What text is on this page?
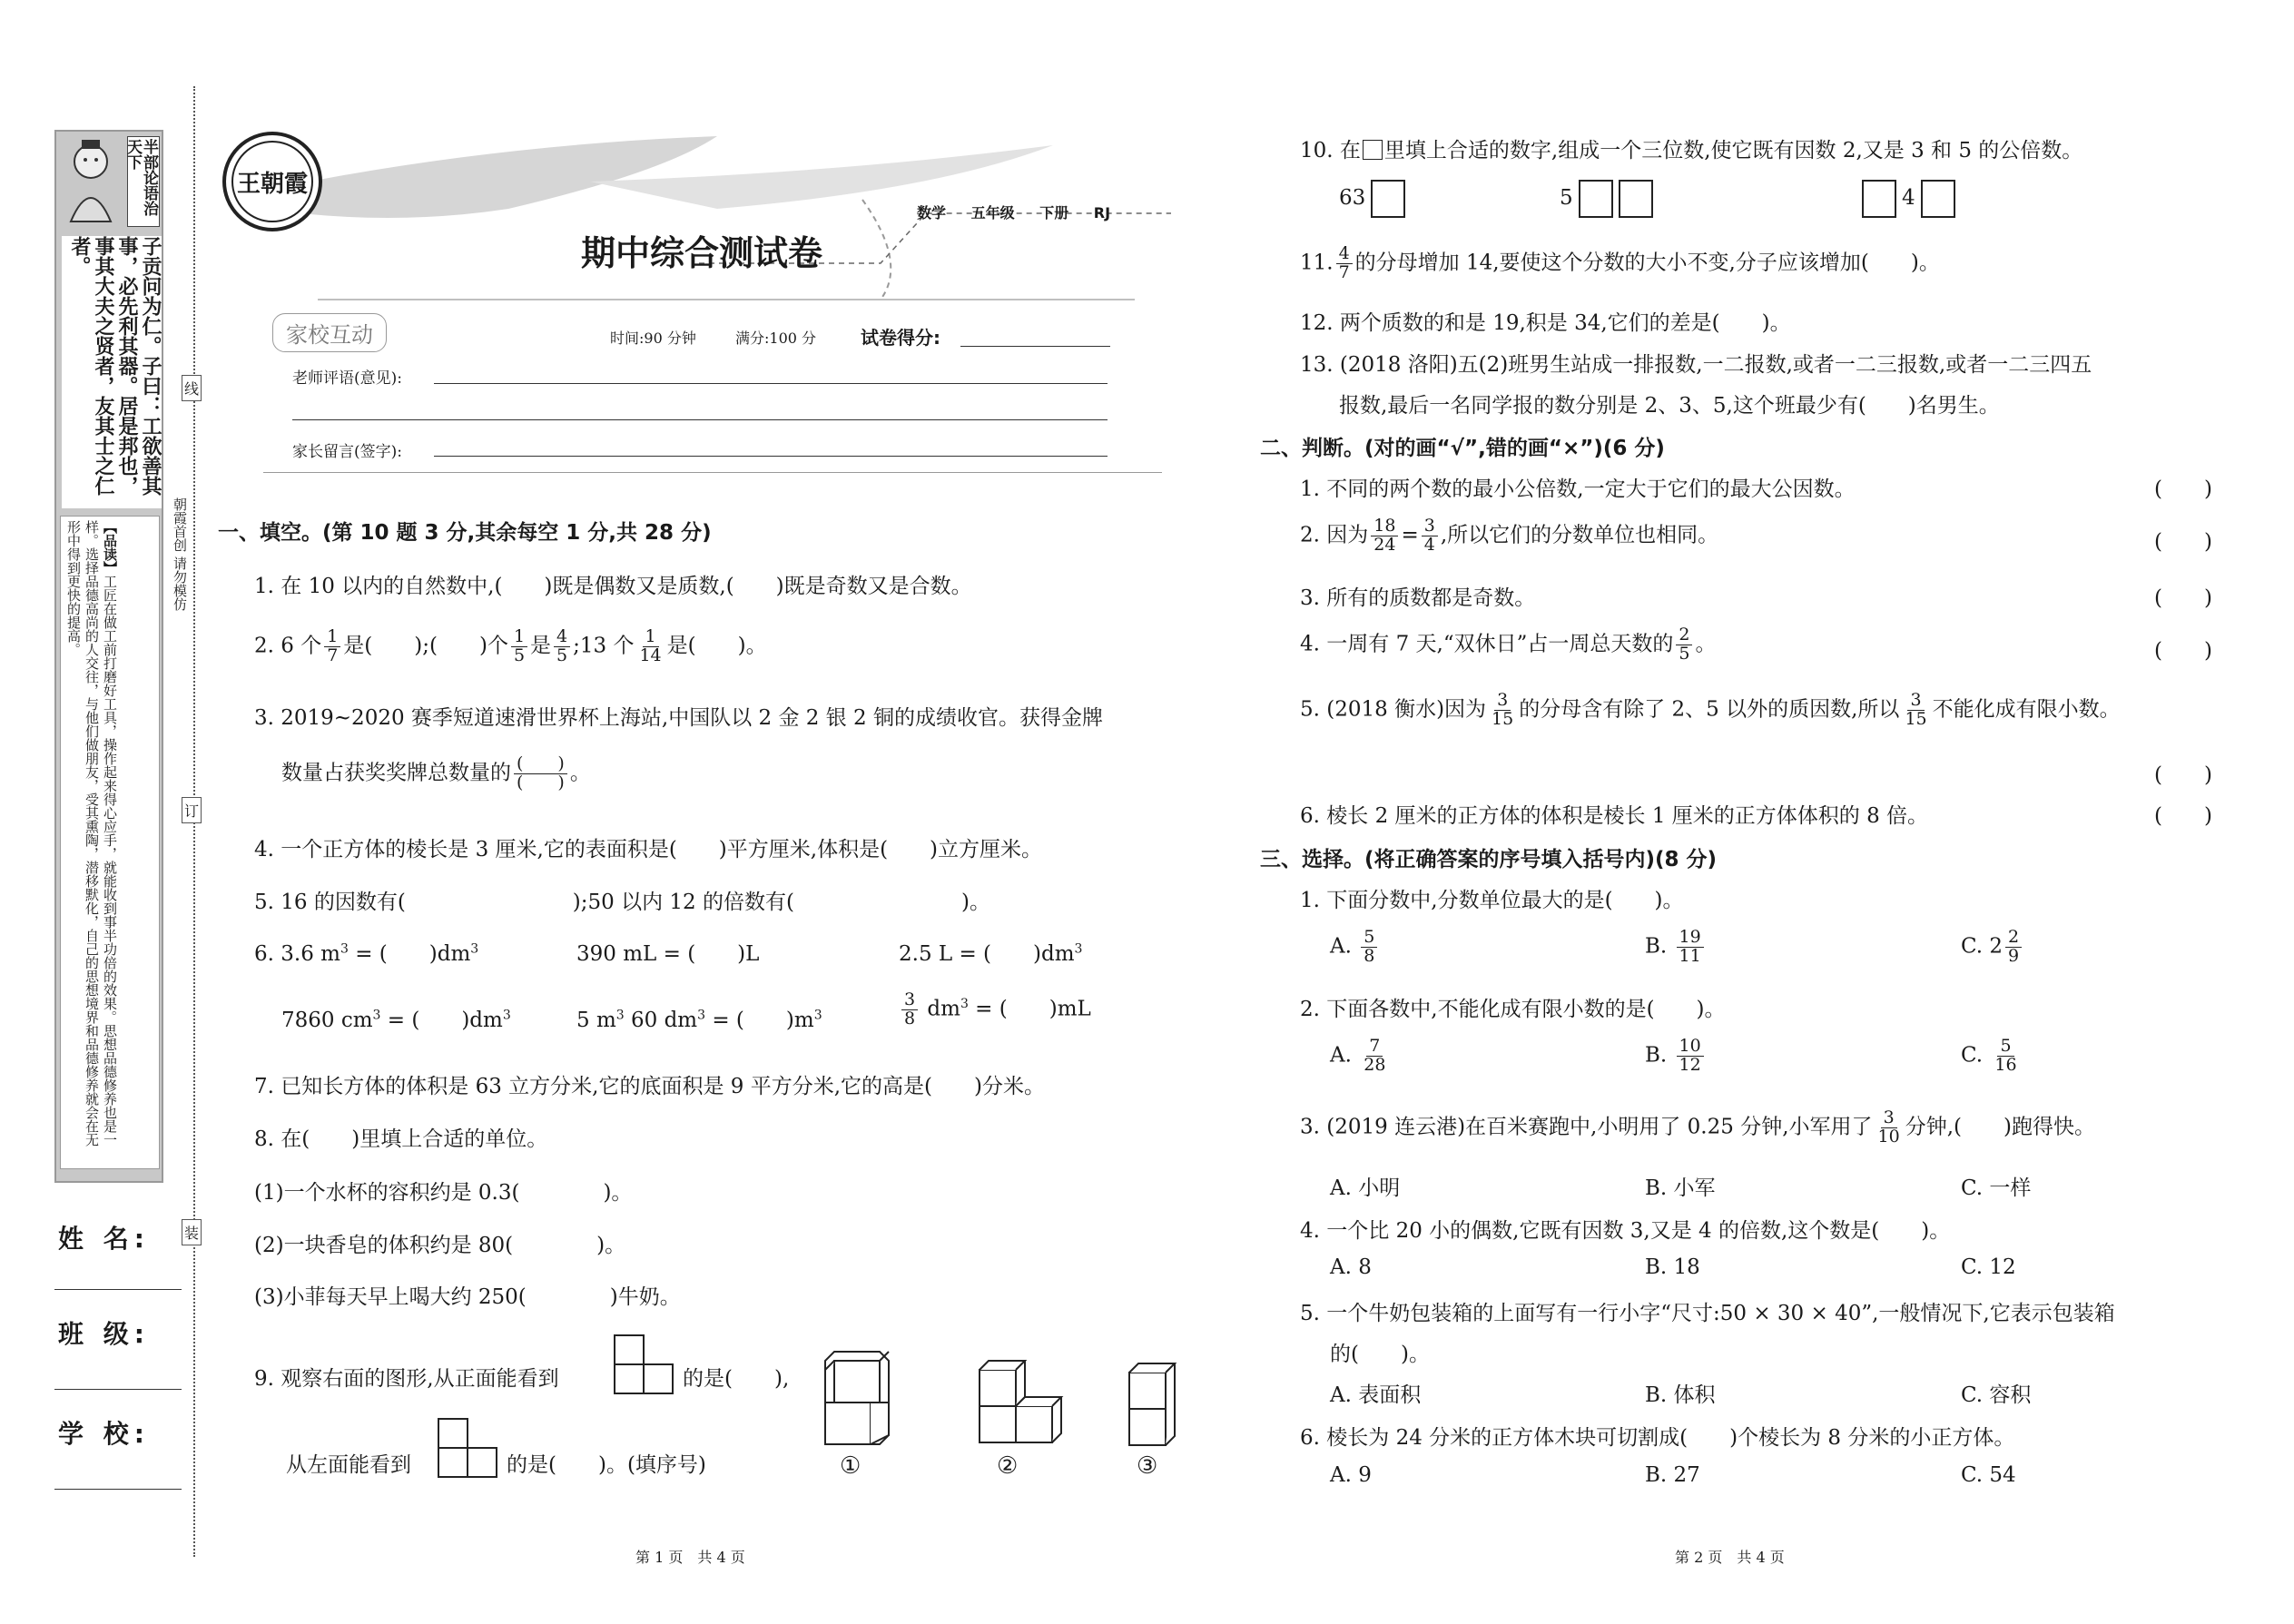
半部论语治天下
子贡问为仁。子曰：工欲善其事，必先利其器。居是邦也，事其大夫之贤者，友其士之仁者。
【品读】工匠在做工前打磨好工具，操作起来得心应手，就能收到事半功倍的效果。思想品德修养也是一样。选择品德高尚的人交往，与他们做朋友，受其熏陶，潜移默化，自己的思想境界和品德修养就会在无形中得到更快的提高。
线
订
装
朝霞首创 请勿模仿
姓 名:
班 级:
学 校:
王朝霞
数学 五年级 下册 RJ
期中综合测试卷
家校互动	时间:90 分钟	满分:100 分 试卷得分:
老师评语(意见):
家长留言(签字):
一、填空。(第 10 题 3 分,其余每空 1 分,共 28 分)
1. 在 10 以内的自然数中,(　　)既是偶数又是质数,(　　)既是奇数又是合数。
2. 6 个 $\frac{1}{7}$ 是(　　);(　　)个 $\frac{1}{5}$ 是 $\frac{4}{5}$ ;13 个 $\frac{1}{14}$ 是(　　)。
3. 2019~2020 赛季短道速滑世界杯上海站,中国队以 2 金 2 银 2 铜的成绩收官。获得金牌
数量占获奖奖牌总数量的 $\frac{( )}{( )}$ 。
4. 一个正方体的棱长是 3 厘米,它的表面积是(　　)平方厘米,体积是(　　)立方厘米。
5. 16 的因数有(　　　　　　　　);50 以内 12 的倍数有(　　　　　　　　)。
6. 3.6 $m^3$ = (　　)$dm^3$	390 mL = (　　)L	2.5 L = (　　)$dm^3$
7860 $cm^3$ = (　　)$dm^3$	5 $m^3$ 60 $dm^3$ = (　　)$m^3$	$\frac{3}{8} dm^3$ = (　　)mL
7. 已知长方体的体积是 63 立方分米,它的底面积是 9 平方分米,它的高是(　　)分米。
8. 在(　　)里填上合适的单位。
(1)一个水杯的容积约是 0.3(　　　　)。
(2)一块香皂的体积约是 80(　　　　)。
(3)小菲每天早上喝大约 250(　　　　)牛奶。
9. 观察右面的图形,从正面能看到	的是(　　),
从左面能看到	的是(　　)。(填序号)	①	②	③
第 1 页　共 4 页
10. 在 里填上合适的数字,组成一个三位数,使它既有因数 2,又是 3 和 5 的公倍数。
63	5	4
11. $\frac{4}{7}$ 的分母增加 14,要使这个分数的大小不变,分子应该增加(　　)。
12. 两个质数的和是 19,积是 34,它们的差是(　　)。
13. (2018 洛阳)五(2)班男生站成一排报数,一二报数,或者一二三报数,或者一二三四五
报数,最后一名同学报的数分别是 2、3、5,这个班最少有(　　)名男生。
二、判断。(对的画“√”,错的画“×”)(6 分)
1. 不同的两个数的最小公倍数,一定大于它们的最大公因数。	(　　)
2. 因为 $\frac{18}{24} = \frac{3}{4}$ ,所以它们的分数单位也相同。	(　　)
3. 所有的质数都是奇数。	(　　)
4. 一周有 7 天,“双休日”占一周总天数的 $\frac{2}{5}$ 。	(　　)
5. (2018 衡水)因为 $\frac{3}{15}$ 的分母含有除了 2、5 以外的质因数,所以 $\frac{3}{15}$ 不能化成有限小数。
(　　)
6. 棱长 2 厘米的正方体的体积是棱长 1 厘米的正方体体积的 8 倍。	(　　)
三、选择。(将正确答案的序号填入括号内)(8 分)
1. 下面分数中,分数单位最大的是(　　)。
A. $\frac{5}{8}$	B. $\frac{19}{11}$	C. $2 \frac{2}{9}$
2. 下面各数中,不能化成有限小数的是(　　)。
A. $\frac{7}{28}$	B. $\frac{10}{12}$	C. $\frac{5}{16}$
3. (2019 连云港)在百米赛跑中,小明用了 0.25 分钟,小军用了 $\frac{3}{10}$ 分钟,(　　)跑得快。
A. 小明	B. 小军	C. 一样
4. 一个比 20 小的偶数,它既有因数 3,又是 4 的倍数,这个数是(　　)。
A. 8	B. 18	C. 12
5. 一个牛奶包装箱的上面写有一行小字“尺寸:50 × 30 × 40”,一般情况下,它表示包装箱
的(　　)。
A. 表面积	B. 体积	C. 容积
6. 棱长为 24 分米的正方体木块可切割成(　　)个棱长为 8 分米的小正方体。
A. 9	B. 27	C. 54
第 2 页　共 4 页
